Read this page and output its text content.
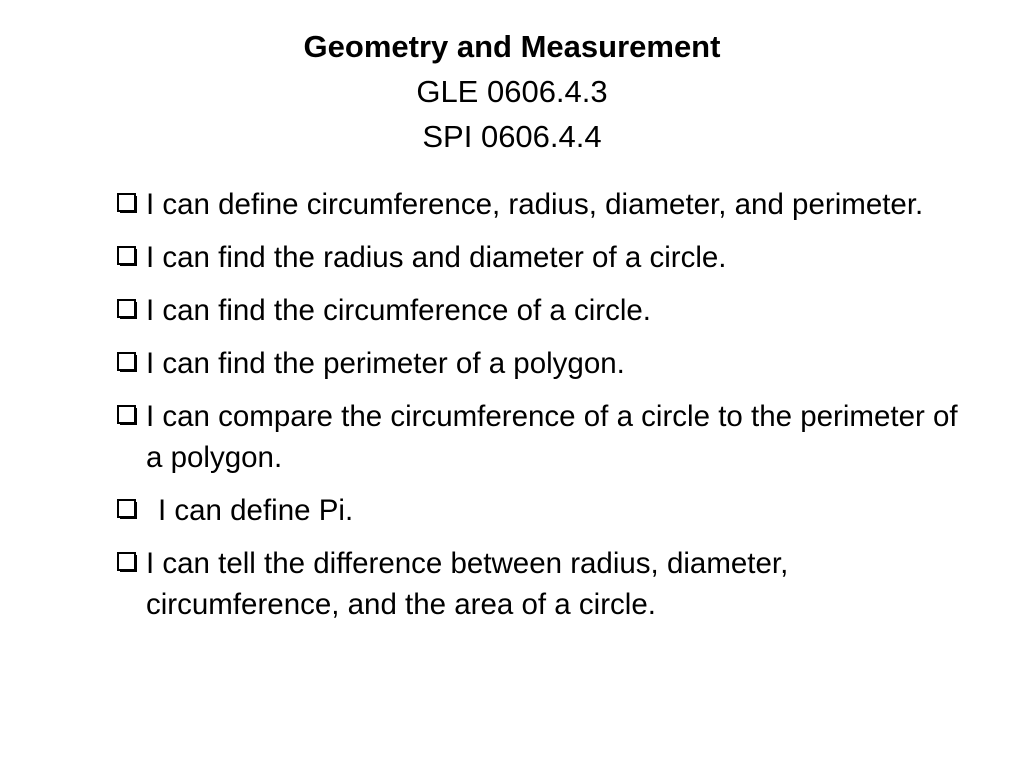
Geometry and Measurement
GLE 0606.4.3
SPI 0606.4.4
I can define circumference, radius, diameter, and perimeter.
I can find the radius and diameter of a circle.
I can find the circumference of a circle.
I can find the perimeter of a polygon.
I can compare the circumference of a circle to the perimeter of a polygon.
I can define Pi.
I can tell the difference between radius, diameter, circumference, and the area of a circle.
